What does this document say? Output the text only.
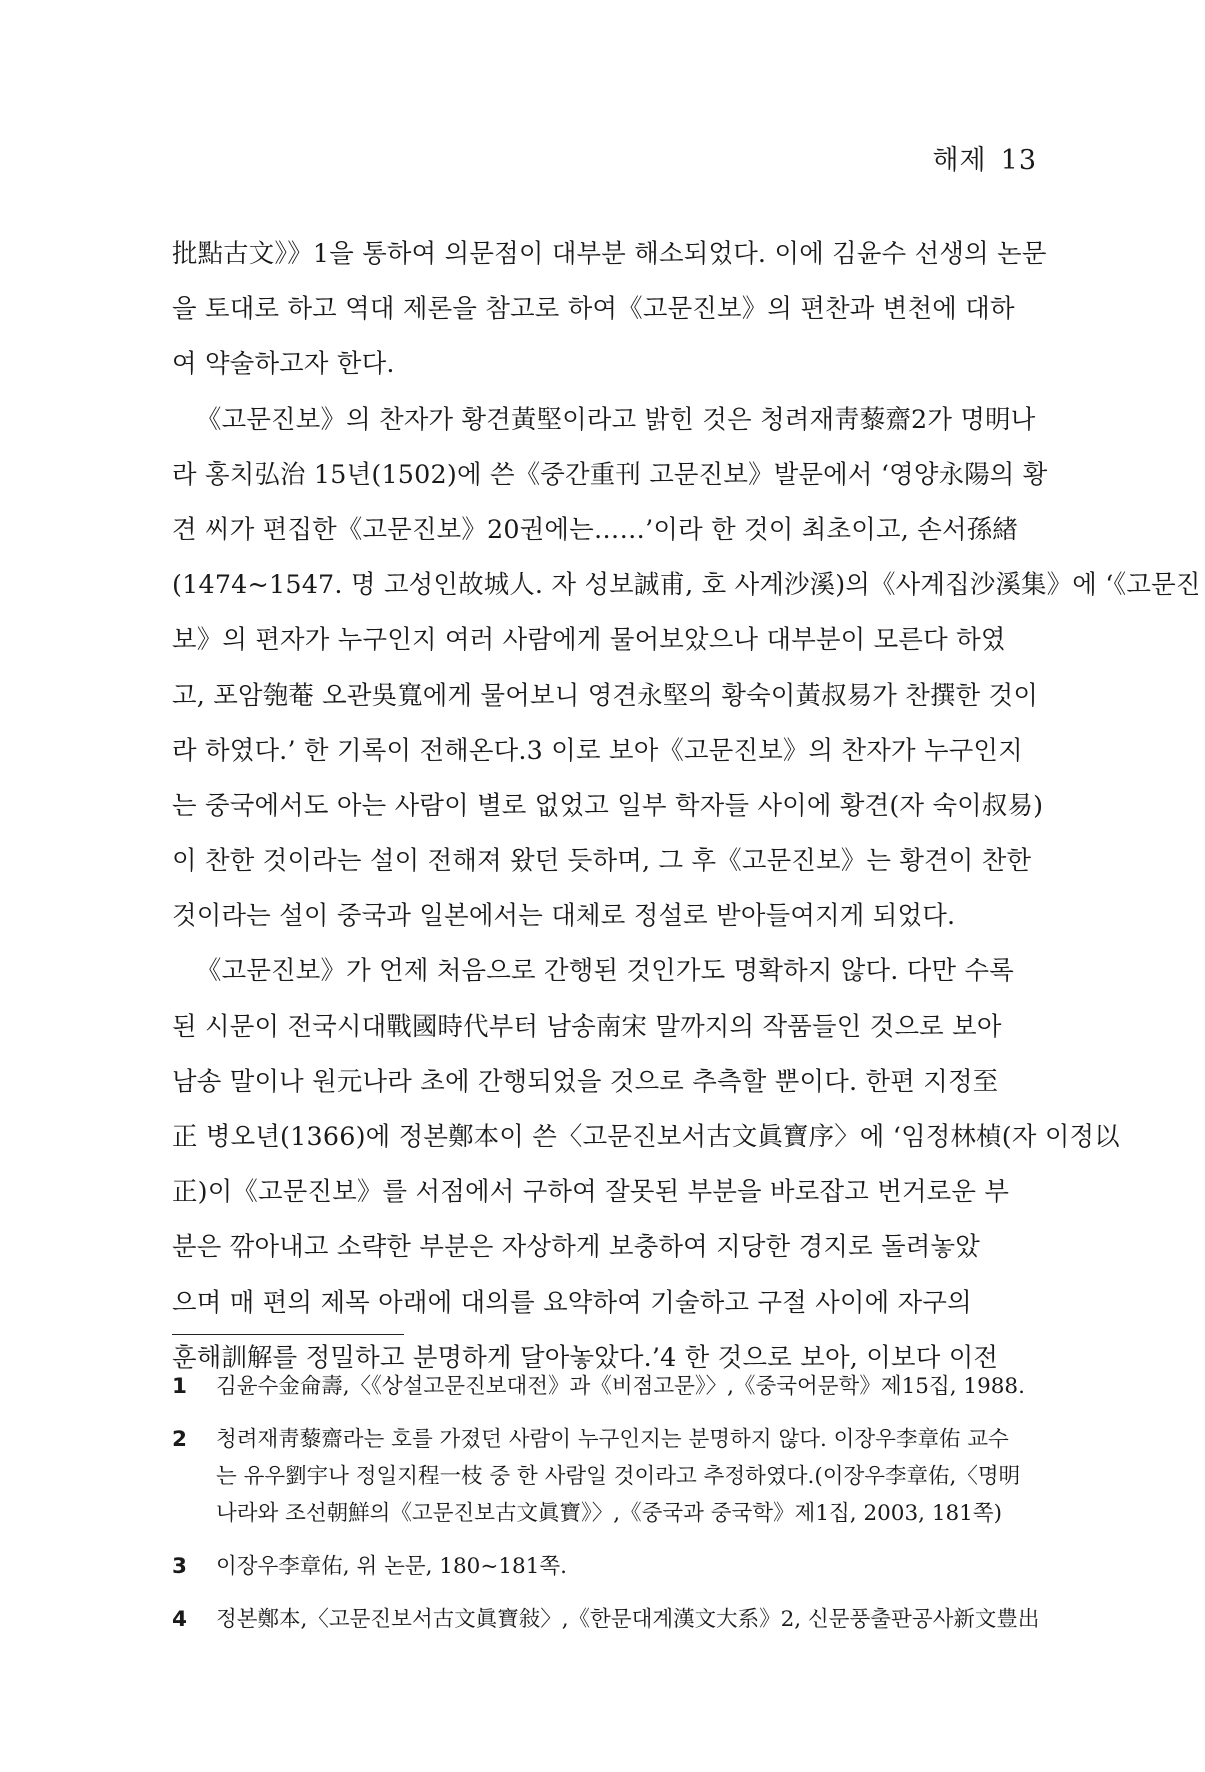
해제 13
批點古文》》1을 통하여 의문점이 대부분 해소되었다. 이에 김윤수 선생의 논문
을 토대로 하고 역대 제론을 참고로 하여《고문진보》의 편찬과 변천에 대하
여 약술하고자 한다.
《고문진보》의 찬자가 황견黃堅이라고 밝힌 것은 청려재靑藜齋2가 명明나
라 홍치弘治 15년(1502)에 쓴《중간重刊 고문진보》발문에서 ‘영양永陽의 황
견 씨가 편집한《고문진보》20권에는……’이라 한 것이 최초이고, 손서孫緖
(1474~1547. 명 고성인故城人. 자 성보誠甫, 호 사계沙溪)의《사계집沙溪集》에 ‘《고문진
보》의 편자가 누구인지 여러 사람에게 물어보았으나 대부분이 모른다 하였
고, 포암匏菴 오관吳寬에게 물어보니 영견永堅의 황숙이黃叔易가 찬撰한 것이
라 하였다.’ 한 기록이 전해온다.3 이로 보아《고문진보》의 찬자가 누구인지
는 중국에서도 아는 사람이 별로 없었고 일부 학자들 사이에 황견(자 숙이叔易)
이 찬한 것이라는 설이 전해져 왔던 듯하며, 그 후《고문진보》는 황견이 찬한
것이라는 설이 중국과 일본에서는 대체로 정설로 받아들여지게 되었다.
《고문진보》가 언제 처음으로 간행된 것인가도 명확하지 않다. 다만 수록
된 시문이 전국시대戰國時代부터 남송南宋 말까지의 작품들인 것으로 보아
남송 말이나 원元나라 초에 간행되었을 것으로 추측할 뿐이다. 한편 지정至
正 병오년(1366)에 정본鄭本이 쓴〈고문진보서古文眞寶序〉에 ‘임정林楨(자 이정以
正)이《고문진보》를 서점에서 구하여 잘못된 부분을 바로잡고 번거로운 부
분은 깎아내고 소략한 부분은 자상하게 보충하여 지당한 경지로 돌려놓았
으며 매 편의 제목 아래에 대의를 요약하여 기술하고 구절 사이에 자구의
훈해訓解를 정밀하고 분명하게 달아놓았다.’4 한 것으로 보아, 이보다 이전
1	김윤수金侖壽,〈《상설고문진보대전》과《비점고문》〉,《중국어문학》제15집, 1988.
2	청려재靑藜齋라는 호를 가졌던 사람이 누구인지는 분명하지 않다. 이장우李章佑 교수
는 유우劉宇나 정일지程一枝 중 한 사람일 것이라고 추정하였다.(이장우李章佑,〈명明
나라와 조선朝鮮의《고문진보古文眞寶》〉,《중국과 중국학》제1집, 2003, 181쪽)
3	이장우李章佑, 위 논문, 180~181쪽.
4	정본鄭本,〈고문진보서古文眞寶敍〉,《한문대계漢文大系》2, 신문풍출판공사新文豊出
